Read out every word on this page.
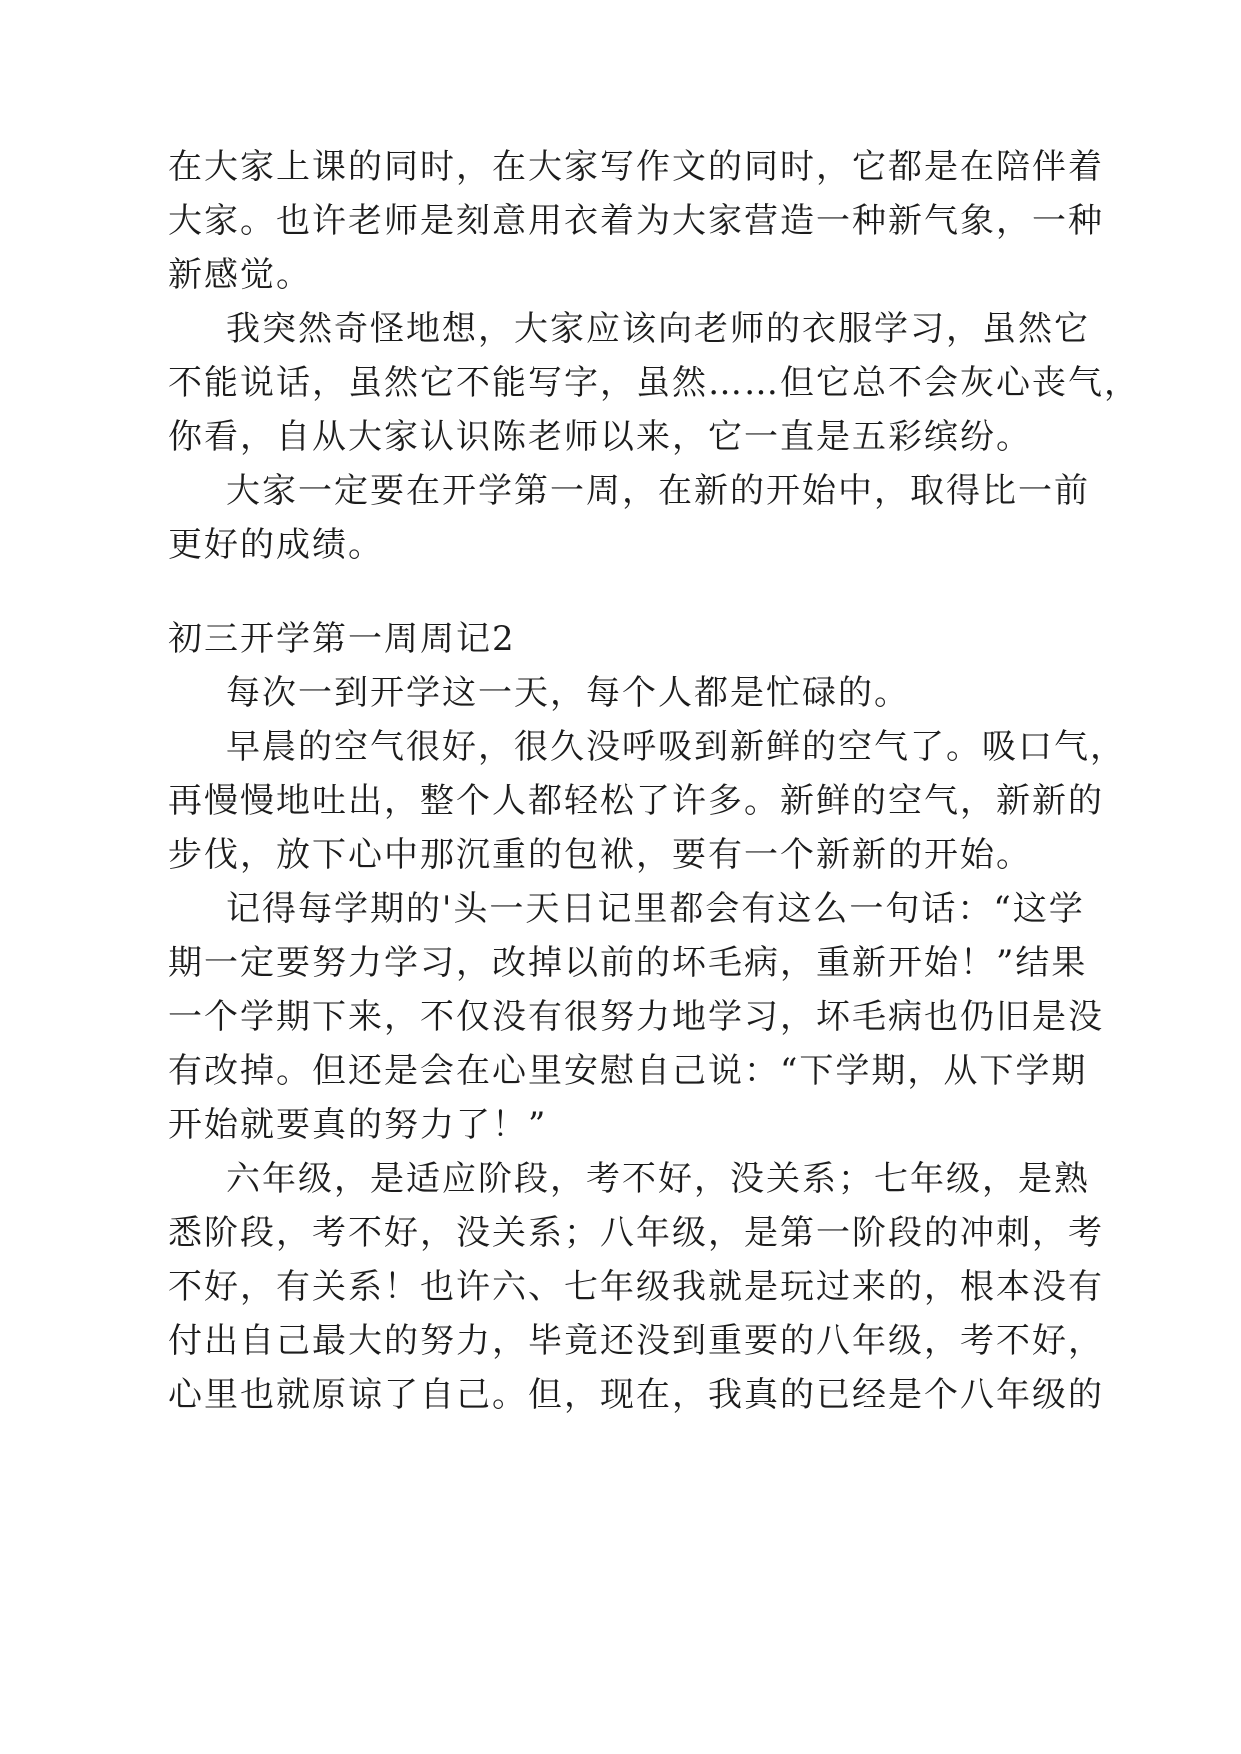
在大家上课的同时，在大家写作文的同时，它都是在陪伴着
大家。也许老师是刻意用衣着为大家营造一种新气象，一种
新感觉。
我突然奇怪地想，大家应该向老师的衣服学习，虽然它
不能说话，虽然它不能写字，虽然……但它总不会灰心丧气，
你看，自从大家认识陈老师以来，它一直是五彩缤纷。
大家一定要在开学第一周，在新的开始中，取得比一前
更好的成绩。
初三开学第一周周记2
每次一到开学这一天，每个人都是忙碌的。
早晨的空气很好，很久没呼吸到新鲜的空气了。吸口气，
再慢慢地吐出，整个人都轻松了许多。新鲜的空气，新新的
步伐，放下心中那沉重的包袱，要有一个新新的开始。
记得每学期的'头一天日记里都会有这么一句话：“这学
期一定要努力学习，改掉以前的坏毛病，重新开始！”结果
一个学期下来，不仅没有很努力地学习，坏毛病也仍旧是没
有改掉。但还是会在心里安慰自己说：“下学期，从下学期
开始就要真的努力了！”
六年级，是适应阶段，考不好，没关系；七年级，是熟
悉阶段，考不好，没关系；八年级，是第一阶段的冲刺，考
不好，有关系！也许六、七年级我就是玩过来的，根本没有
付出自己最大的努力，毕竟还没到重要的八年级，考不好，
心里也就原谅了自己。但，现在，我真的已经是个八年级的
